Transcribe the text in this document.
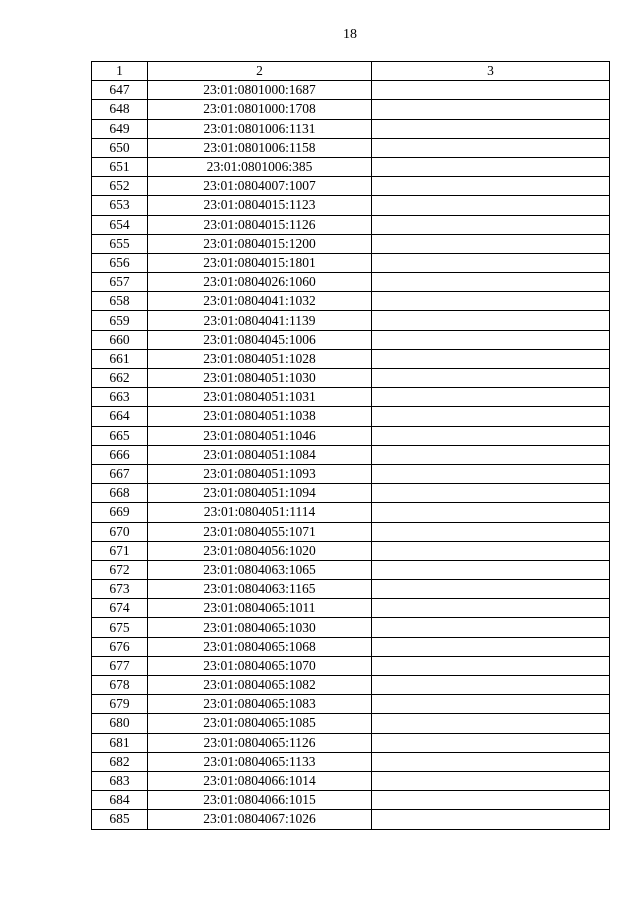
18
1	2	3
647	23:01:0801000:1687	
648	23:01:0801000:1708	
649	23:01:0801006:1131	
650	23:01:0801006:1158	
651	23:01:0801006:385	
652	23:01:0804007:1007	
653	23:01:0804015:1123	
654	23:01:0804015:1126	
655	23:01:0804015:1200	
656	23:01:0804015:1801	
657	23:01:0804026:1060	
658	23:01:0804041:1032	
659	23:01:0804041:1139	
660	23:01:0804045:1006	
661	23:01:0804051:1028	
662	23:01:0804051:1030	
663	23:01:0804051:1031	
664	23:01:0804051:1038	
665	23:01:0804051:1046	
666	23:01:0804051:1084	
667	23:01:0804051:1093	
668	23:01:0804051:1094	
669	23:01:0804051:1114	
670	23:01:0804055:1071	
671	23:01:0804056:1020	
672	23:01:0804063:1065	
673	23:01:0804063:1165	
674	23:01:0804065:1011	
675	23:01:0804065:1030	
676	23:01:0804065:1068	
677	23:01:0804065:1070	
678	23:01:0804065:1082	
679	23:01:0804065:1083	
680	23:01:0804065:1085	
681	23:01:0804065:1126	
682	23:01:0804065:1133	
683	23:01:0804066:1014	
684	23:01:0804066:1015	
685	23:01:0804067:1026	
